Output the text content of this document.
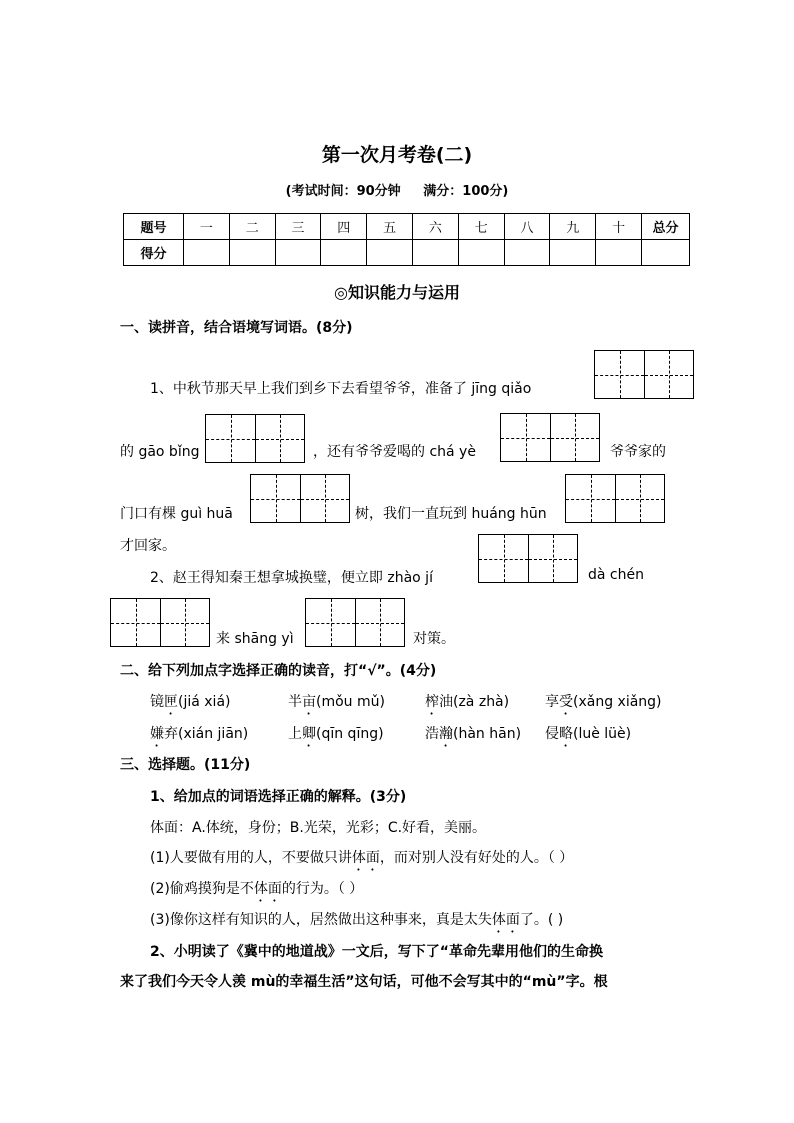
第一次月考卷(二)
(考试时间：90分钟     满分：100分)
题号	一	二	三	四	五	六	七	八	九	十	总分
得分											
◎知识能力与运用
一、读拼音，结合语境写词语。(8分)
1、中秋节那天早上我们到乡下去看望爷爷，准备了 jīng qiǎo
的 gāo bǐng	，还有爷爷爱喝的 chá yè	爷爷家的
门口有棵 guì huā	树，我们一直玩到 huáng hūn
才回家。
2、赵王得知秦王想拿城换璧，便立即 zhào jí	dà chén
来 shāng yì	对策。
二、给下列加点字选择正确的读音，打“√”。(4分)
镜匣(jiá xiá)	半亩(mǒu mǔ)	榨油(zà zhà)	享受(xǎng xiǎng)
嫌弃(xián jiān)	上卿(qīn qīng)	浩瀚(hàn hān) 侵略(luè lüè)
三、选择题。(11分)
1、给加点的词语选择正确的解释。(3分)
体面：A.体统，身份；B.光荣，光彩；C.好看，美丽。
(1)人要做有用的人，不要做只讲体面，而对别人没有好处的人。（ ）
(2)偷鸡摸狗是不体面的行为。（ ）
(3)像你这样有知识的人，居然做出这种事来，真是太失体面了。( )
2、小明读了《冀中的地道战》一文后，写下了“革命先辈用他们的生命换
来了我们今天令人羡 mù的幸福生活”这句话，可他不会写其中的“mù”字。根
